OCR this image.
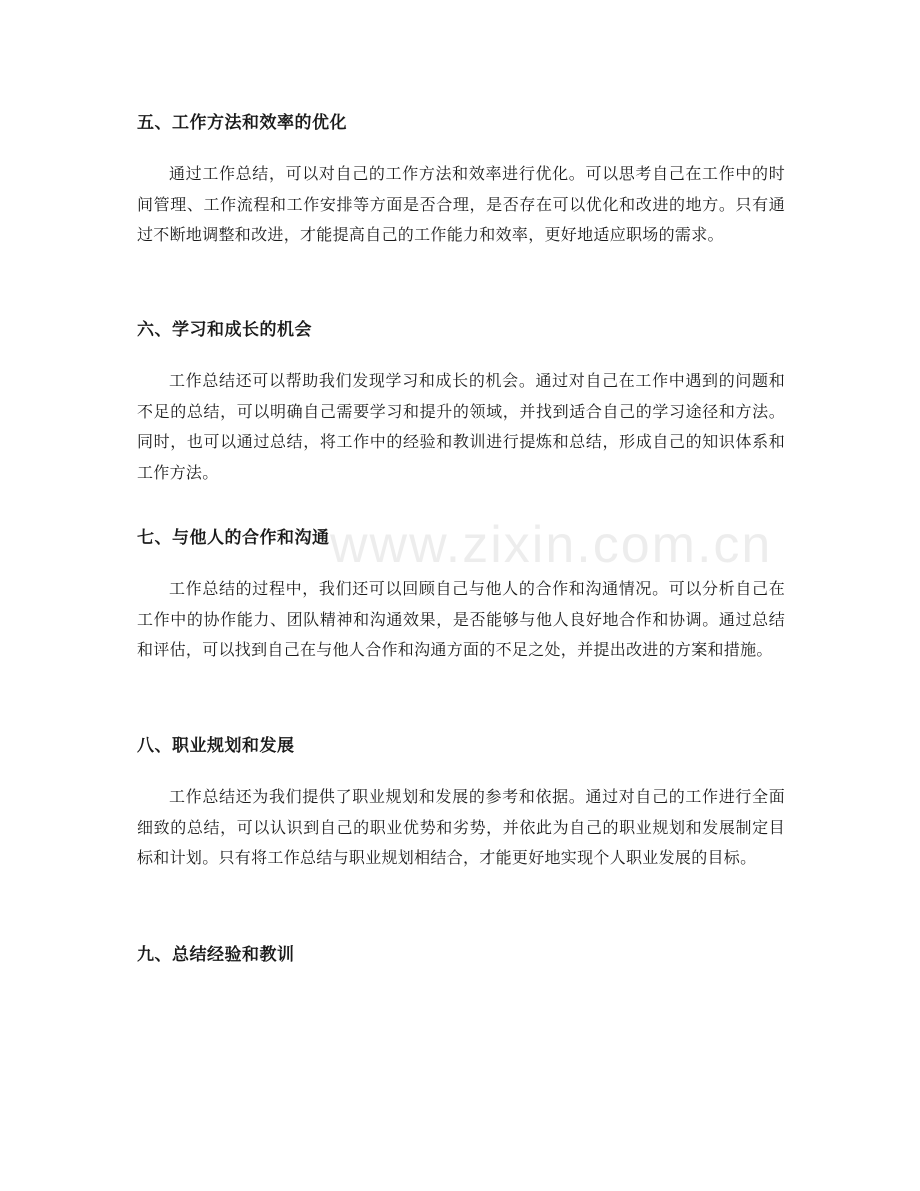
www.zixin.com.cn
五、工作方法和效率的优化

通过工作总结，可以对自己的工作方法和效率进行优化。可以思考自己在工作中的时间管理、工作流程和工作安排等方面是否合理，是否存在可以优化和改进的地方。只有通过不断地调整和改进，才能提高自己的工作能力和效率，更好地适应职场的需求。

六、学习和成长的机会

工作总结还可以帮助我们发现学习和成长的机会。通过对自己在工作中遇到的问题和不足的总结，可以明确自己需要学习和提升的领域，并找到适合自己的学习途径和方法。同时，也可以通过总结，将工作中的经验和教训进行提炼和总结，形成自己的知识体系和工作方法。

七、与他人的合作和沟通

工作总结的过程中，我们还可以回顾自己与他人的合作和沟通情况。可以分析自己在工作中的协作能力、团队精神和沟通效果，是否能够与他人良好地合作和协调。通过总结和评估，可以找到自己在与他人合作和沟通方面的不足之处，并提出改进的方案和措施。

八、职业规划和发展

工作总结还为我们提供了职业规划和发展的参考和依据。通过对自己的工作进行全面细致的总结，可以认识到自己的职业优势和劣势，并依此为自己的职业规划和发展制定目标和计划。只有将工作总结与职业规划相结合，才能更好地实现个人职业发展的目标。

九、总结经验和教训
